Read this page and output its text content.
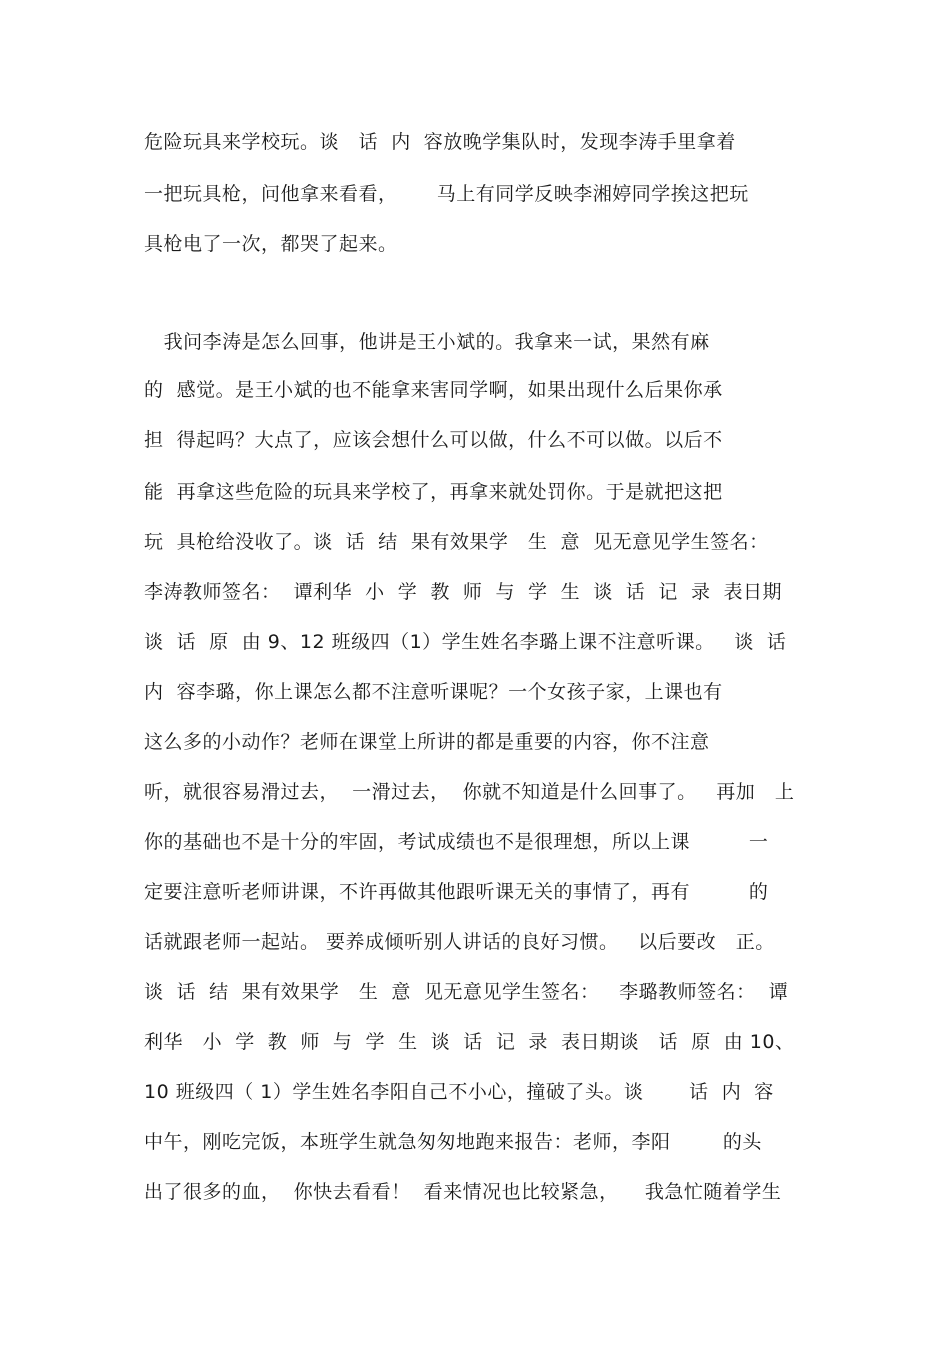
危险玩具来学校玩。谈   话  内  容放晚学集队时，发现李涛手里拿着
一把玩具枪，问他拿来看看，      马上有同学反映李湘婷同学挨这把玩
具枪电了一次，都哭了起来。
我问李涛是怎么回事，他讲是王小斌的。我拿来一试，果然有麻
的  感觉。是王小斌的也不能拿来害同学啊，如果出现什么后果你承
担  得起吗？大点了，应该会想什么可以做，什么不可以做。以后不
能  再拿这些危险的玩具来学校了，再拿来就处罚你。于是就把这把
玩  具枪给没收了。谈  话  结  果有效果学   生  意  见无意见学生签名：
李涛教师签名：  谭利华  小  学  教  师  与  学  生  谈  话  记  录  表日期
谈  话  原  由 9、12 班级四（1）学生姓名李璐上课不注意听课。   谈  话
内  容李璐，你上课怎么都不注意听课呢？一个女孩子家，上课也有
这么多的小动作？老师在课堂上所讲的都是重要的内容，你不注意
听，就很容易滑过去，  一滑过去，  你就不知道是什么回事了。   再加   上
你的基础也不是十分的牢固，考试成绩也不是很理想，所以上课         一
定要注意听老师讲课，不许再做其他跟听课无关的事情了，再有         的
话就跟老师一起站。 要养成倾听别人讲话的良好习惯。   以后要改   正。
谈  话  结  果有效果学   生  意  见无意见学生签名：   李璐教师签名：  谭
利华   小  学  教  师  与  学  生  谈  话  记  录  表日期谈   话  原  由 10、
10 班级四（ 1）学生姓名李阳自己不小心，撞破了头。谈       话  内  容
中午，刚吃完饭，本班学生就急匆匆地跑来报告：老师，李阳        的头
出了很多的血，  你快去看看！  看来情况也比较紧急，    我急忙随着学生
